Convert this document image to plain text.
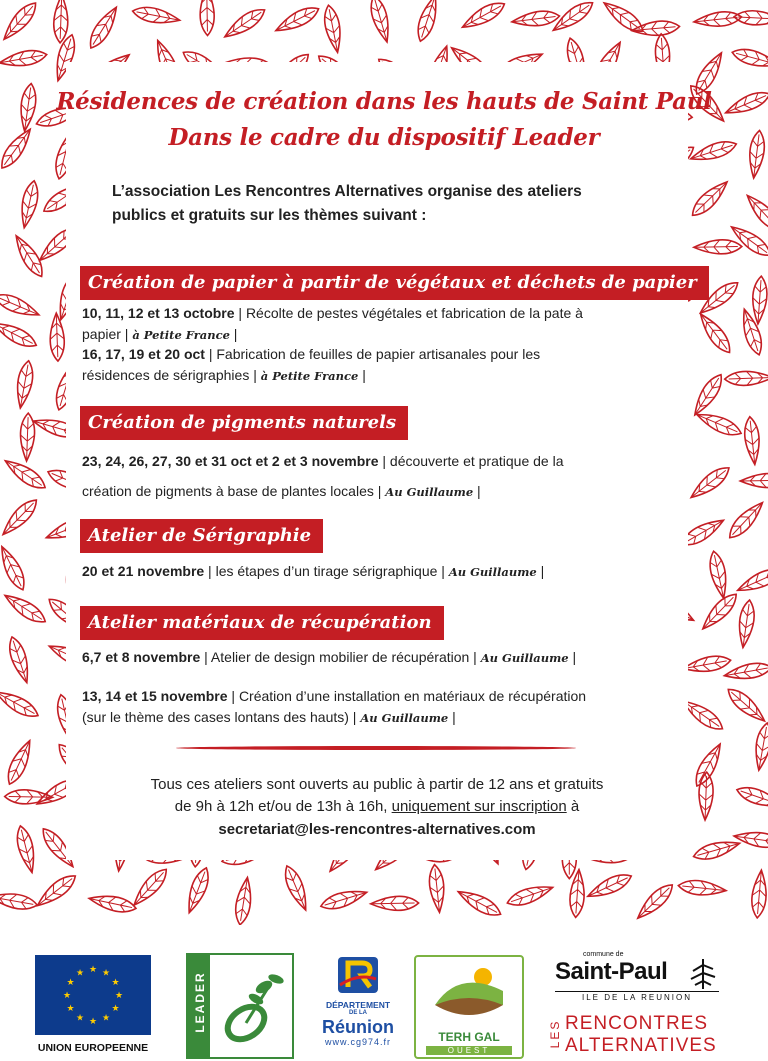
Résidences de création dans les hauts de Saint Paul
Dans le cadre du dispositif Leader
L’association Les Rencontres Alternatives organise des ateliers
publics et gratuits sur les thèmes suivant :
Création de papier à partir de végétaux et déchets de papier
10, 11, 12 et 13 octobre | Récolte de pestes végétales et fabrication de la pate à
papier | à Petite France |
16, 17, 19 et 20 oct | Fabrication de feuilles de papier artisanales pour les
résidences de sérigraphies | à Petite France |
Création de pigments naturels
23, 24, 26, 27, 30 et 31 oct et 2 et 3 novembre | découverte et pratique de la
création de pigments à base de plantes locales | Au Guillaume |
Atelier de Sérigraphie
20 et 21 novembre | les étapes d’un tirage sérigraphique | Au Guillaume |
Atelier matériaux de récupération
6,7 et 8 novembre | Atelier de design mobilier de récupération | Au Guillaume |
13, 14 et 15 novembre | Création d’une installation en matériaux de récupération
(sur le thème des cases lontans des hauts) | Au Guillaume |
Tous ces ateliers sont ouverts au public à partir de 12 ans et gratuits
de 9h à 12h et/ou de 13h à 16h, uniquement sur inscription à
secretariat@les-rencontres-alternatives.com
★
★
★
★
★
★
★
★
★ ★ ★
★
UNION EUROPEENNE
LEADER	DÉPARTEMENT
DE LA
Réunion
www.cg974.fr	TERH GAL
OUEST
commune de
Saint-Paul
ILE DE LA REUNION
LES RENCONTRES
ALTERNATIVES
